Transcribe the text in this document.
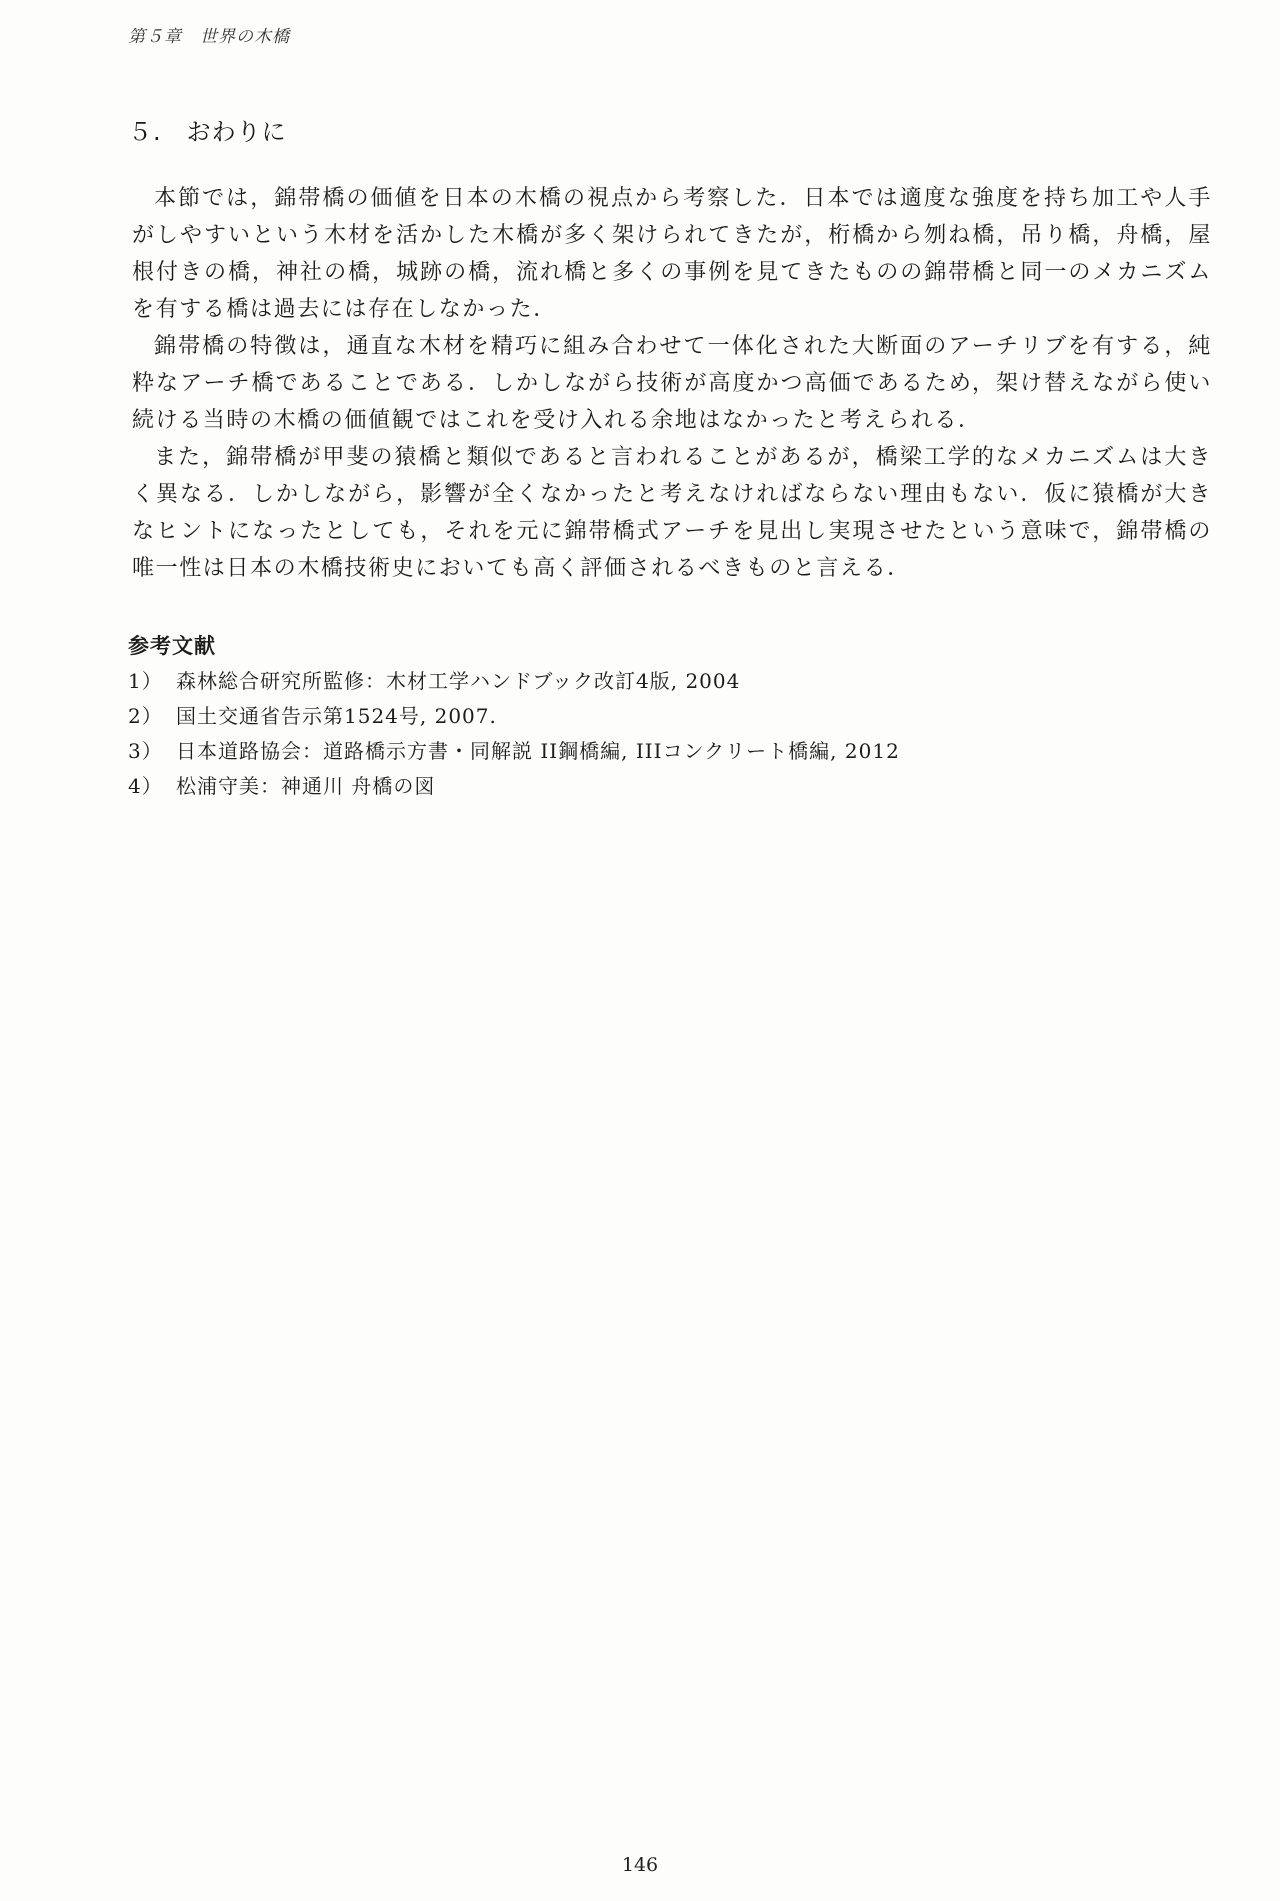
第５章　世界の木橋
５.　おわりに

本節では，錦帯橋の価値を日本の木橋の視点から考察した．日本では適度な強度を持ち加工や人手がしやすいという木材を活かした木橋が多く架けられてきたが，桁橋から刎ね橋，吊り橋，舟橋，屋根付きの橋，神社の橋，城跡の橋，流れ橋と多くの事例を見てきたものの錦帯橋と同一のメカニズムを有する橋は過去には存在しなかった．

錦帯橋の特徴は，通直な木材を精巧に組み合わせて一体化された大断面のアーチリブを有する，純粋なアーチ橋であることである．しかしながら技術が高度かつ高価であるため，架け替えながら使い続ける当時の木橋の価値観ではこれを受け入れる余地はなかったと考えられる．

また，錦帯橋が甲斐の猿橋と類似であると言われることがあるが，橋梁工学的なメカニズムは大きく異なる．しかしながら，影響が全くなかったと考えなければならない理由もない．仮に猿橋が大きなヒントになったとしても，それを元に錦帯橋式アーチを見出し実現させたという意味で，錦帯橋の唯一性は日本の木橋技術史においても高く評価されるべきものと言える．

参考文献
1） 森林総合研究所監修：木材工学ハンドブック改訂4版, 2004
2） 国土交通省告示第1524号, 2007.
3） 日本道路協会：道路橋示方書・同解説 II鋼橋編, IIIコンクリート橋編, 2012
4） 松浦守美：神通川 舟橋の図
146
